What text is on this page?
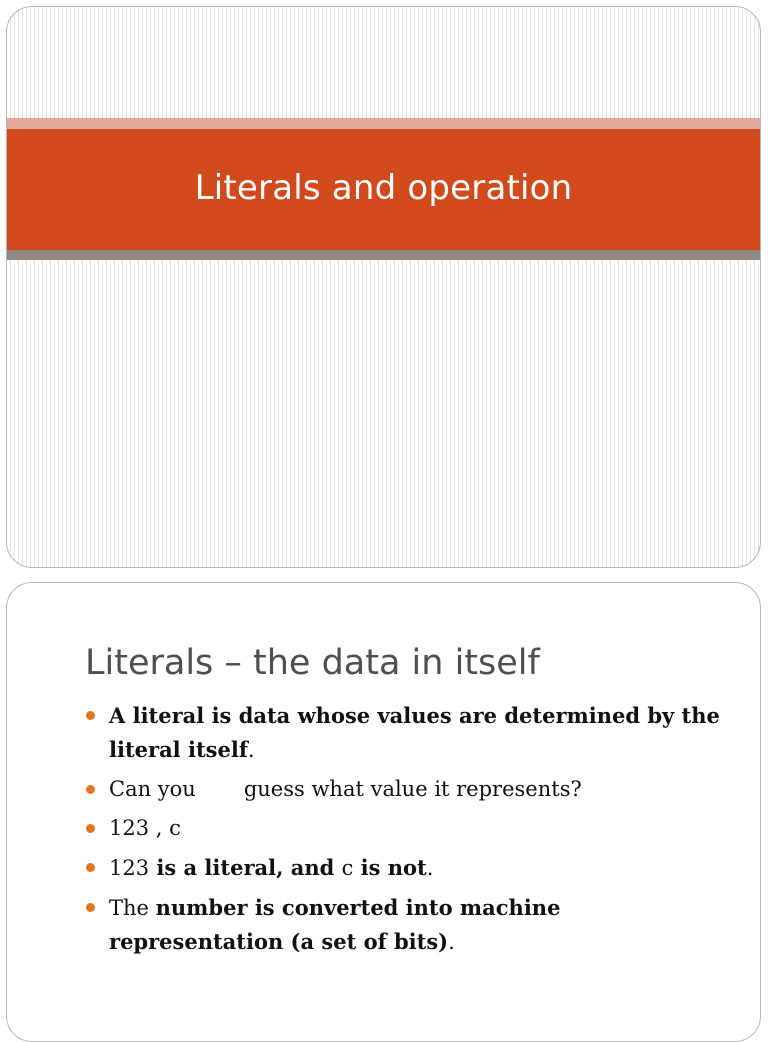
Literals and operation
Literals – the data in itself
A literal is data whose values are determined by the literal itself.
Can you guess what value it represents?
123 , c
123 is a literal, and c is not.
The number is converted into machine representation (a set of bits).
